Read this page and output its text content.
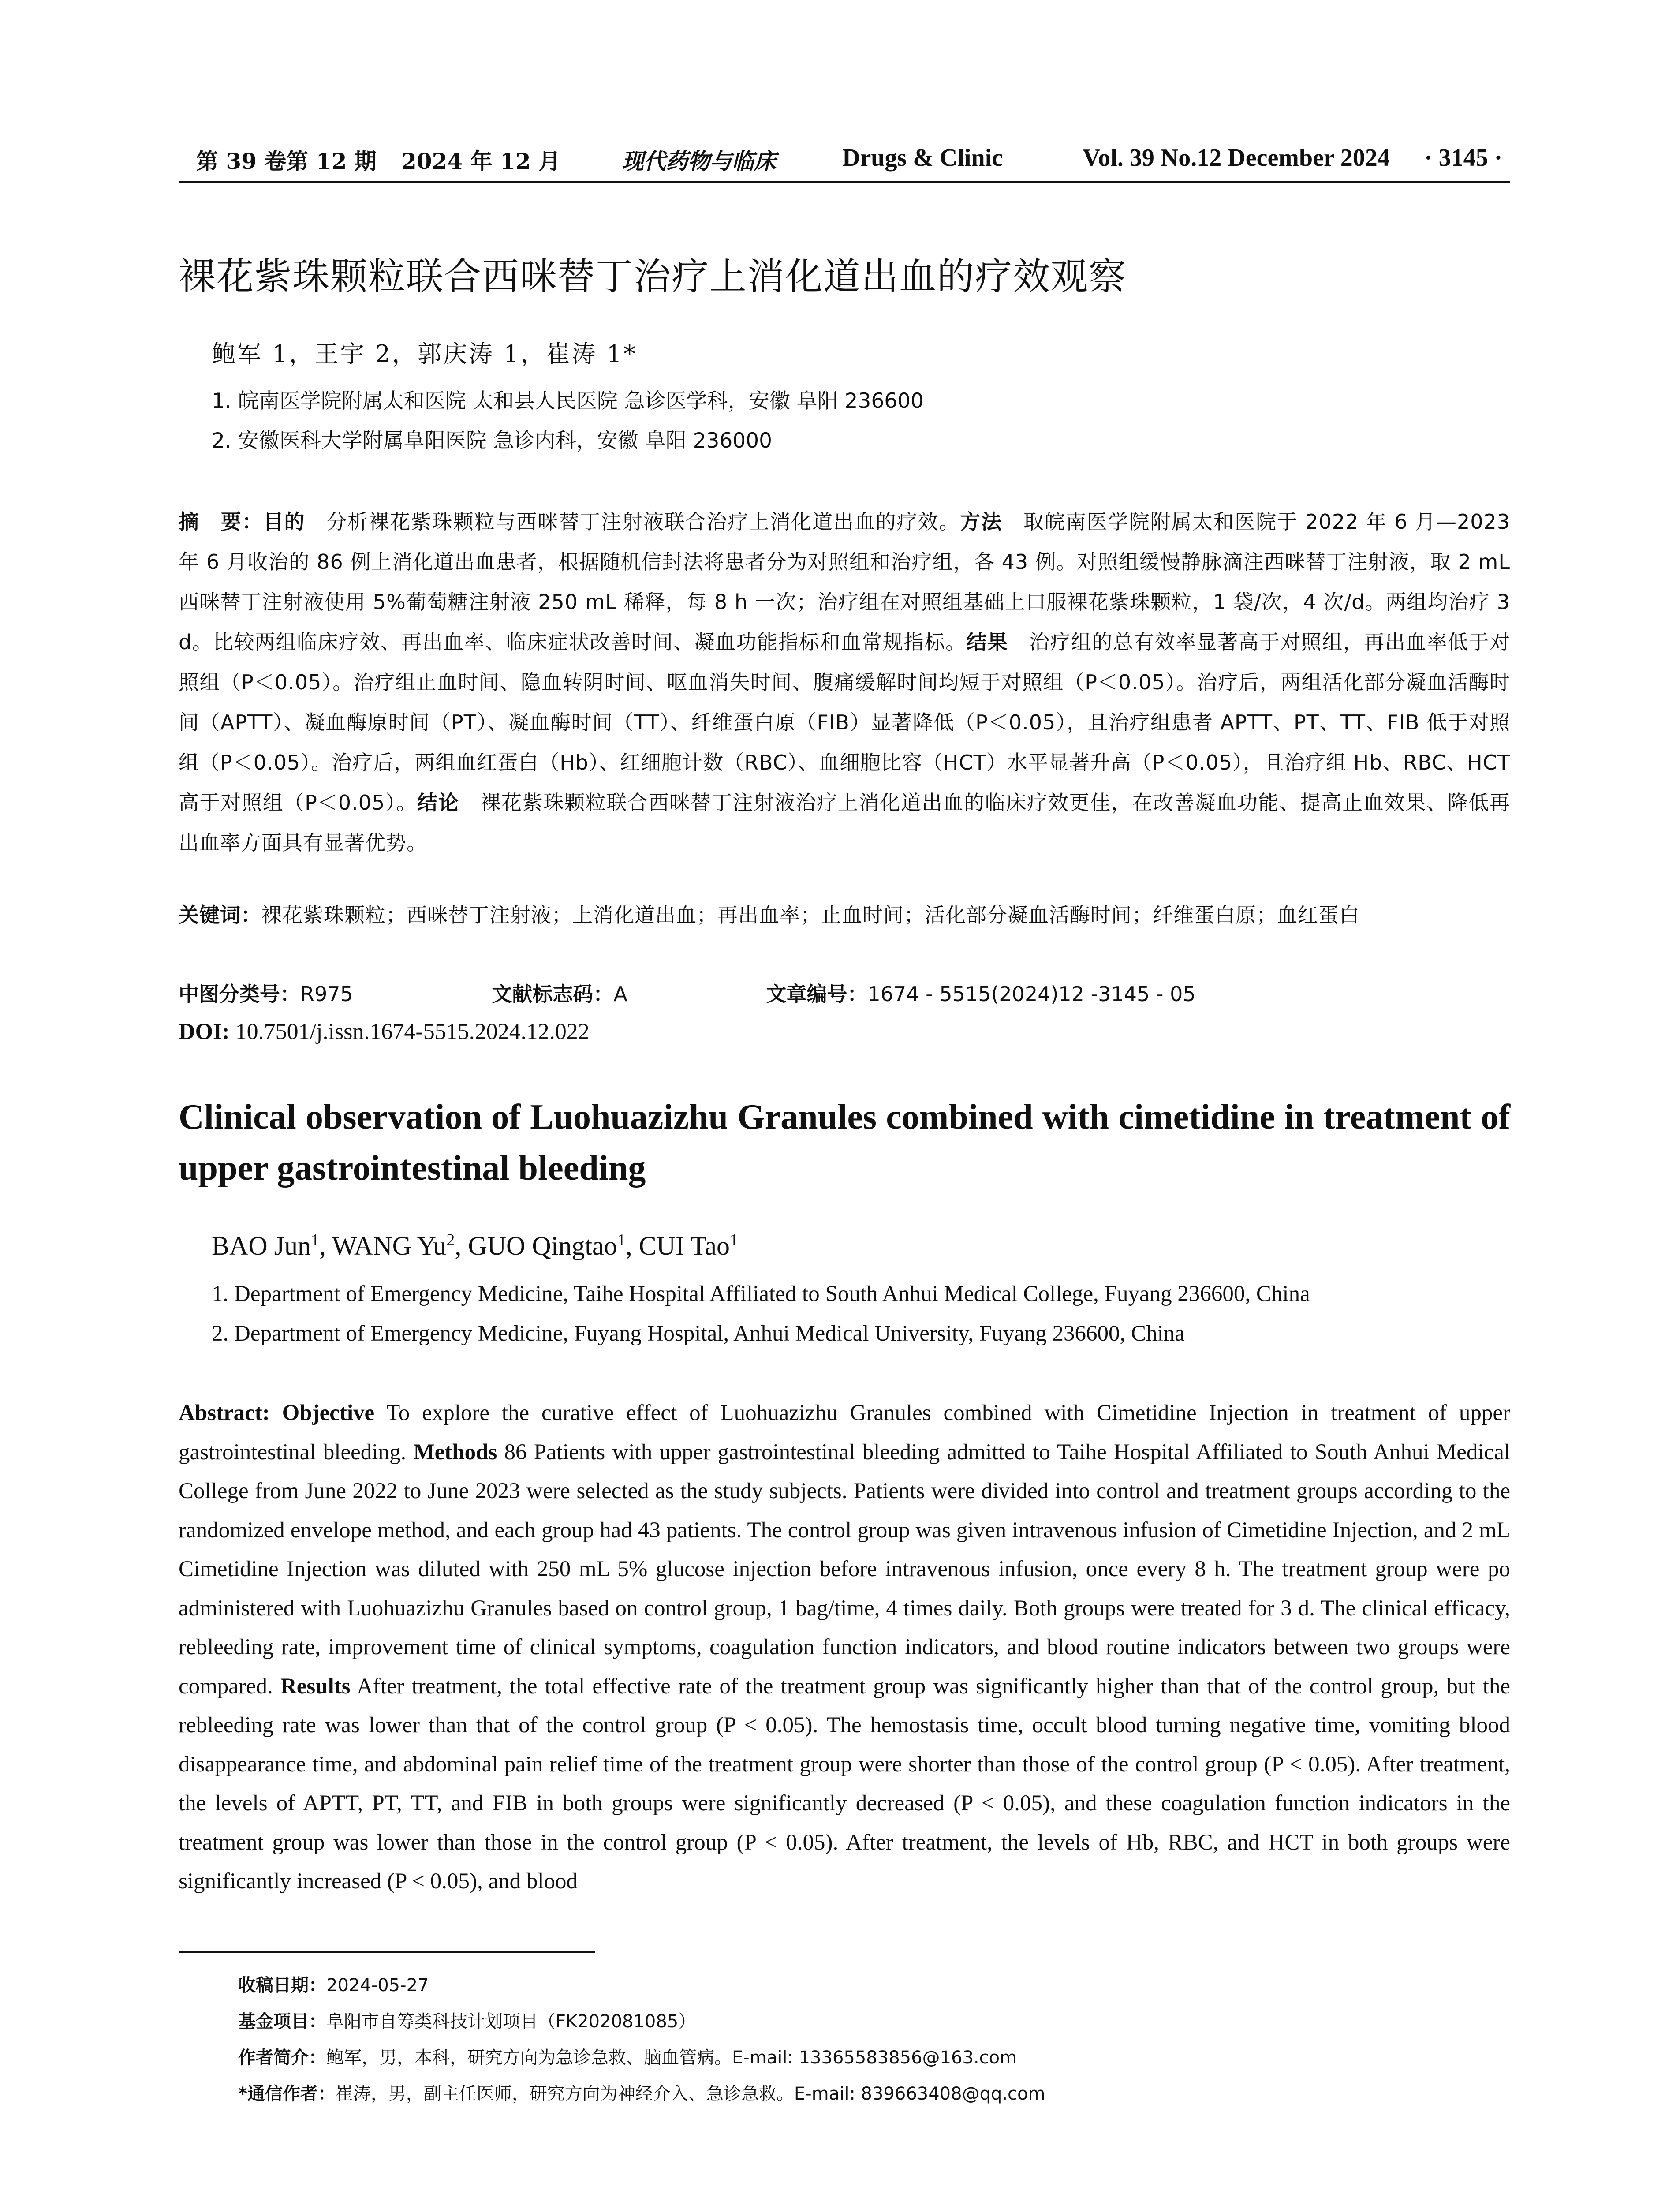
第 39 卷第 12 期 2024 年 12 月	现代药物与临床	Drugs & Clinic	Vol. 39 No.12 December 2024 · 3145 ·
裸花紫珠颗粒联合西咪替丁治疗上消化道出血的疗效观察
鲍军 1，王宇 2，郭庆涛 1，崔涛 1*
1. 皖南医学院附属太和医院 太和县人民医院 急诊医学科，安徽 阜阳 236600
2. 安徽医科大学附属阜阳医院 急诊内科，安徽 阜阳 236000
摘　要：目的　分析裸花紫珠颗粒与西咪替丁注射液联合治疗上消化道出血的疗效。方法　取皖南医学院附属太和医院于 2022 年 6 月—2023 年 6 月收治的 86 例上消化道出血患者，根据随机信封法将患者分为对照组和治疗组，各 43 例。对照组缓慢静脉滴注西咪替丁注射液，取 2 mL 西咪替丁注射液使用 5%葡萄糖注射液 250 mL 稀释，每 8 h 一次；治疗组在对照组基础上口服裸花紫珠颗粒，1 袋/次，4 次/d。两组均治疗 3 d。比较两组临床疗效、再出血率、临床症状改善时间、凝血功能指标和血常规指标。结果　治疗组的总有效率显著高于对照组，再出血率低于对照组（P＜0.05）。治疗组止血时间、隐血转阴时间、呕血消失时间、腹痛缓解时间均短于对照组（P＜0.05）。治疗后，两组活化部分凝血活酶时间（APTT）、凝血酶原时间（PT）、凝血酶时间（TT）、纤维蛋白原（FIB）显著降低（P＜0.05），且治疗组患者 APTT、PT、TT、FIB 低于对照组（P＜0.05）。治疗后，两组血红蛋白（Hb）、红细胞计数（RBC）、血细胞比容（HCT）水平显著升高（P＜0.05），且治疗组 Hb、RBC、HCT 高于对照组（P＜0.05）。结论　裸花紫珠颗粒联合西咪替丁注射液治疗上消化道出血的临床疗效更佳，在改善凝血功能、提高止血效果、降低再出血率方面具有显著优势。
关键词：裸花紫珠颗粒；西咪替丁注射液；上消化道出血；再出血率；止血时间；活化部分凝血活酶时间；纤维蛋白原；血红蛋白
中图分类号：R975	文献标志码：A	文章编号：1674 - 5515(2024)12 -3145 - 05
DOI: 10.7501/j.issn.1674-5515.2024.12.022
Clinical observation of Luohuazizhu Granules combined with cimetidine in treatment of upper gastrointestinal bleeding
BAO Jun$^1$, WANG Yu$^2$, GUO Qingtao$^1$, CUI Tao$^1$
1. Department of Emergency Medicine, Taihe Hospital Affiliated to South Anhui Medical College, Fuyang 236600, China
2. Department of Emergency Medicine, Fuyang Hospital, Anhui Medical University, Fuyang 236600, China
Abstract: Objective To explore the curative effect of Luohuazizhu Granules combined with Cimetidine Injection in treatment of upper gastrointestinal bleeding. Methods 86 Patients with upper gastrointestinal bleeding admitted to Taihe Hospital Affiliated to South Anhui Medical College from June 2022 to June 2023 were selected as the study subjects. Patients were divided into control and treatment groups according to the randomized envelope method, and each group had 43 patients. The control group was given intravenous infusion of Cimetidine Injection, and 2 mL Cimetidine Injection was diluted with 250 mL 5% glucose injection before intravenous infusion, once every 8 h. The treatment group were po administered with Luohuazizhu Granules based on control group, 1 bag/time, 4 times daily. Both groups were treated for 3 d. The clinical efficacy, rebleeding rate, improvement time of clinical symptoms, coagulation function indicators, and blood routine indicators between two groups were compared. Results After treatment, the total effective rate of the treatment group was significantly higher than that of the control group, but the rebleeding rate was lower than that of the control group (P < 0.05). The hemostasis time, occult blood turning negative time, vomiting blood disappearance time, and abdominal pain relief time of the treatment group were shorter than those of the control group (P < 0.05). After treatment, the levels of APTT, PT, TT, and FIB in both groups were significantly decreased (P < 0.05), and these coagulation function indicators in the treatment group was lower than those in the control group (P < 0.05). After treatment, the levels of Hb, RBC, and HCT in both groups were significantly increased (P < 0.05), and blood
收稿日期：2024-05-27
基金项目：阜阳市自筹类科技计划项目（FK202081085）
作者简介：鲍军，男，本科，研究方向为急诊急救、脑血管病。E-mail: 13365583856@163.com
*通信作者：崔涛，男，副主任医师，研究方向为神经介入、急诊急救。E-mail: 839663408@qq.com
